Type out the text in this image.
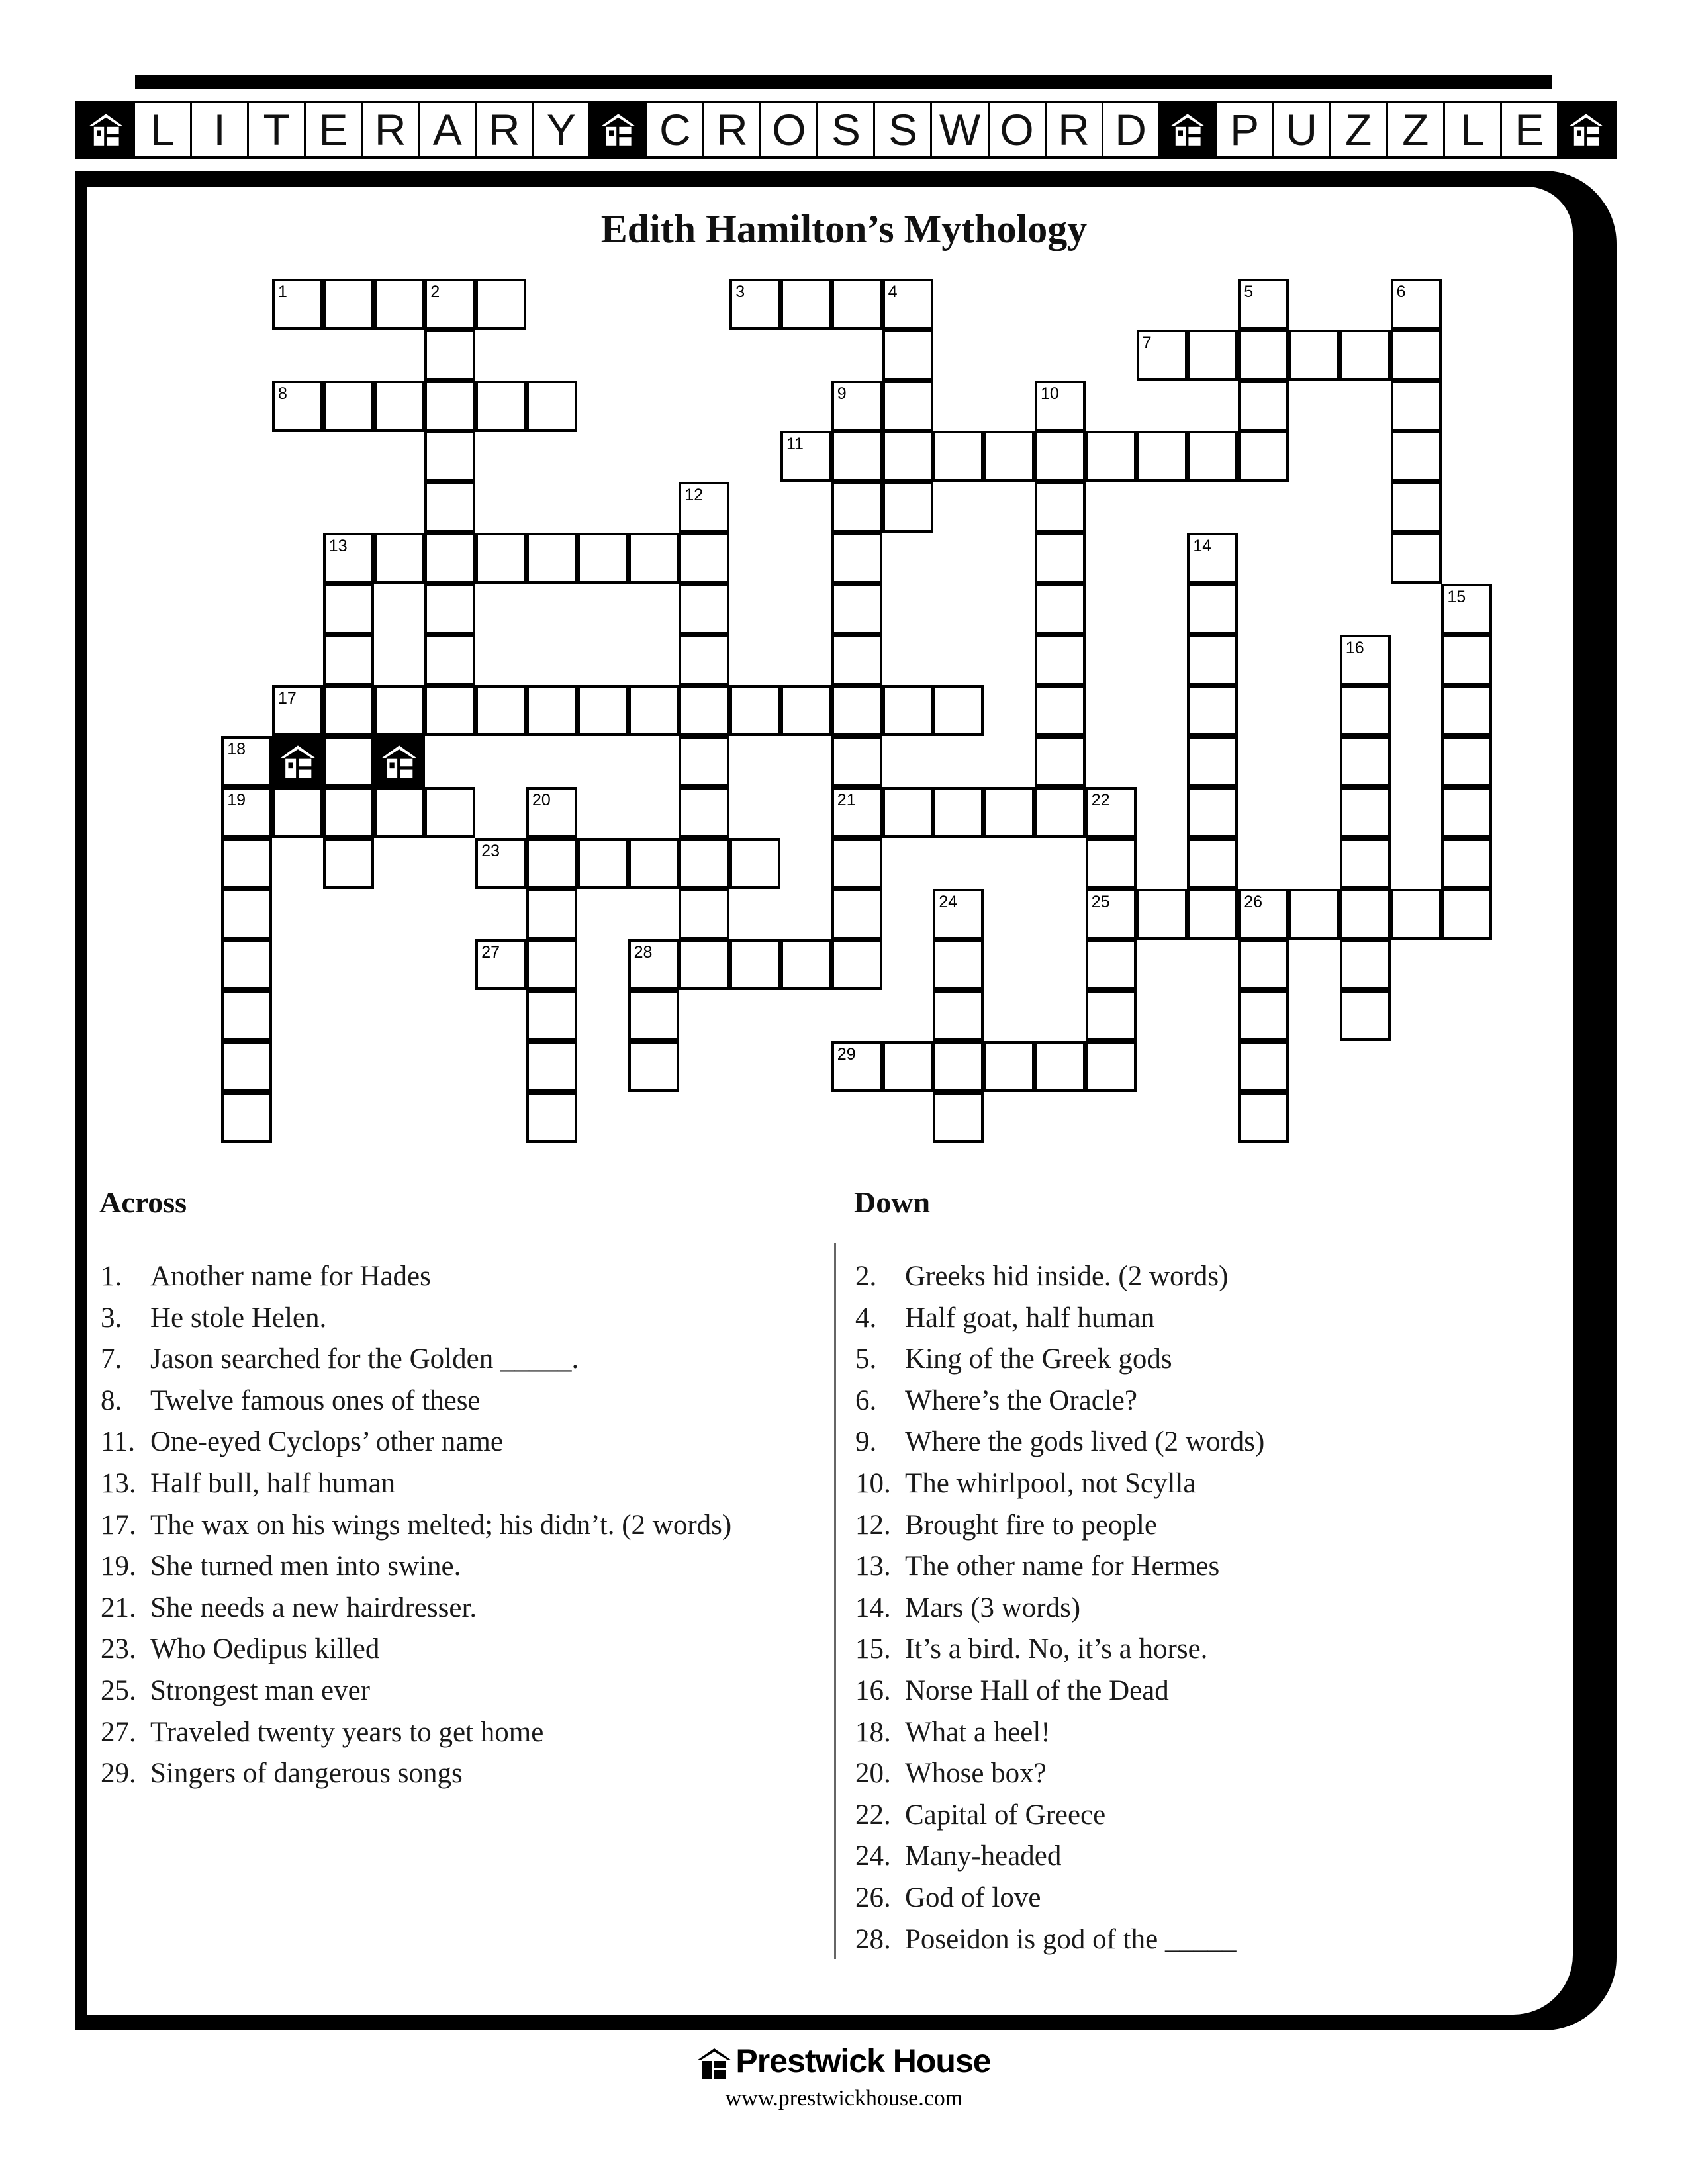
L I T E R A R Y	C R O S S W O R D	P U Z Z L E
Edith Hamilton’s Mythology
1	2	3	4	5	6
7
8	9	10
11
12
13	14
15
16
17
18
19	20	21	22
23
24	25	26
27	28
29
Across	Down
1. Another name for Hades
3. He stole Helen.
7. Jason searched for the Golden _____.
8. Twelve famous ones of these
11. One-eyed Cyclops’ other name
13. Half bull, half human
17. The wax on his wings melted; his didn’t. (2 words)
19. She turned men into swine.
21. She needs a new hairdresser.
23. Who Oedipus killed
25. Strongest man ever
27. Traveled twenty years to get home
29. Singers of dangerous songs
2. Greeks hid inside. (2 words)
4. Half goat, half human
5. King of the Greek gods
6. Where’s the Oracle?
9. Where the gods lived (2 words)
10. The whirlpool, not Scylla
12. Brought fire to people
13. The other name for Hermes
14. Mars (3 words)
15. It’s a bird. No, it’s a horse.
16. Norse Hall of the Dead
18. What a heel!
20. Whose box?
22. Capital of Greece
24. Many-headed
26. God of love
28. Poseidon is god of the _____
Prestwick House
www.prestwickhouse.com
